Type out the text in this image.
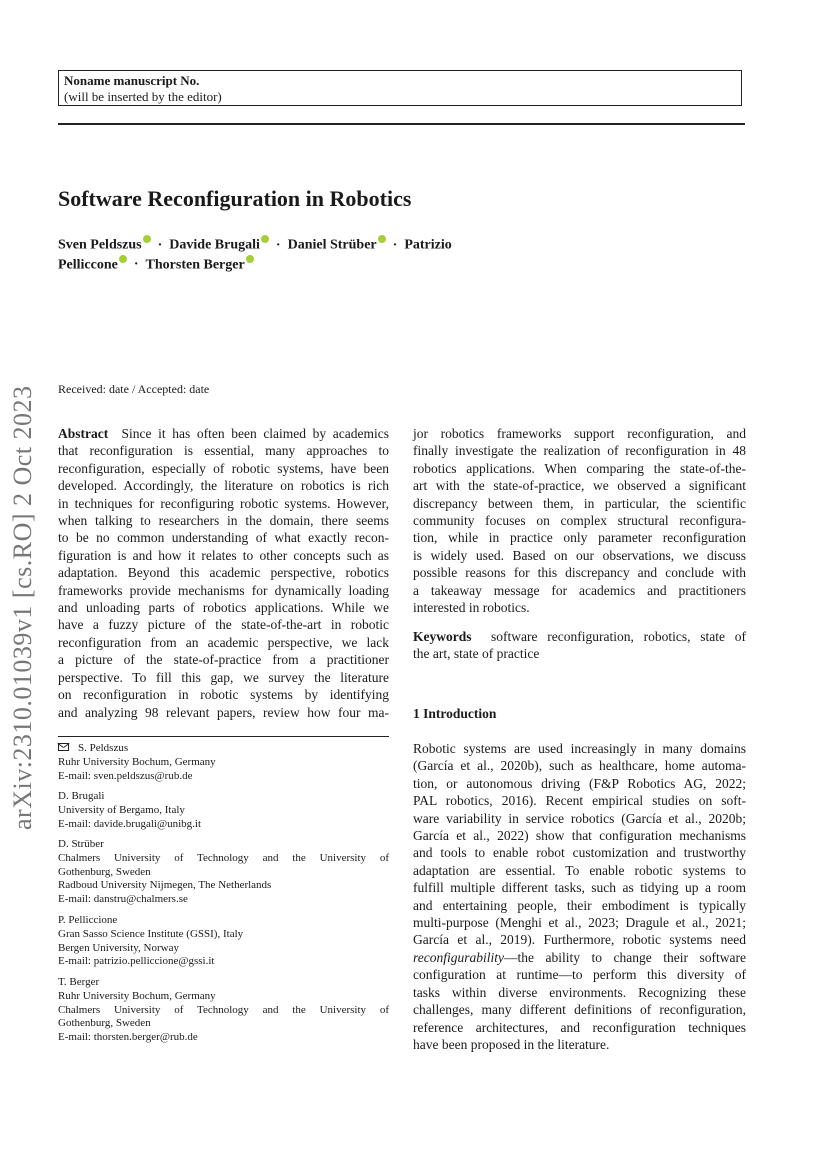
Noname manuscript No.
(will be inserted by the editor)
Software Reconfiguration in Robotics
Sven Peldszus · Davide Brugali · Daniel Strüber · Patrizio
Pelliccone · Thorsten Berger
arXiv:2310.01039v1 [cs.RO] 2 Oct 2023 Received: date / Accepted: date
Abstract Since it has often been claimed by academics
that reconfiguration is essential, many approaches to
reconfiguration, especially of robotic systems, have been
developed. Accordingly, the literature on robotics is rich
in techniques for reconfiguring robotic systems. However,
when talking to researchers in the domain, there seems
to be no common understanding of what exactly recon-
figuration is and how it relates to other concepts such as
adaptation. Beyond this academic perspective, robotics
frameworks provide mechanisms for dynamically loading
and unloading parts of robotics applications. While we
have a fuzzy picture of the state-of-the-art in robotic
reconfiguration from an academic perspective, we lack
a picture of the state-of-practice from a practitioner
perspective. To fill this gap, we survey the literature
on reconfiguration in robotic systems by identifying
and analyzing 98 relevant papers, review how four ma-
jor robotics frameworks support reconfiguration, and
finally investigate the realization of reconfiguration in 48
robotics applications. When comparing the state-of-the-
art with the state-of-practice, we observed a significant
discrepancy between them, in particular, the scientific
community focuses on complex structural reconfigura-
tion, while in practice only parameter reconfiguration
is widely used. Based on our observations, we discuss
possible reasons for this discrepancy and conclude with
a takeaway message for academics and practitioners
interested in robotics.
Keywords software reconfiguration, robotics, state of
the art, state of practice
1 Introduction
Robotic systems are used increasingly in many domains
(García et al., 2020b), such as healthcare, home automa-
tion, or autonomous driving (F&P Robotics AG, 2022;
PAL robotics, 2016). Recent empirical studies on soft-
ware variability in service robotics (García et al., 2020b;
García et al., 2022) show that configuration mechanisms
and tools to enable robot customization and trustworthy
adaptation are essential. To enable robotic systems to
fulfill multiple different tasks, such as tidying up a room
and entertaining people, their embodiment is typically
multi-purpose (Menghi et al., 2023; Dragule et al., 2021;
García et al., 2019). Furthermore, robotic systems need
reconfigurability—the ability to change their software
configuration at runtime—to perform this diversity of
tasks within diverse environments. Recognizing these
challenges, many different definitions of reconfiguration,
reference architectures, and reconfiguration techniques
have been proposed in the literature.
S. Peldszus
Ruhr University Bochum, Germany
E-mail: sven.peldszus@rub.de
D. Brugali
University of Bergamo, Italy
E-mail: davide.brugali@unibg.it
D. Strüber
Chalmers University of Technology and the University of
Gothenburg, Sweden
Radboud University Nijmegen, The Netherlands
E-mail: danstru@chalmers.se
P. Pelliccione
Gran Sasso Science Institute (GSSI), Italy
Bergen University, Norway
E-mail: patrizio.pelliccione@gssi.it
T. Berger
Ruhr University Bochum, Germany
Chalmers University of Technology and the University of
Gothenburg, Sweden
E-mail: thorsten.berger@rub.de
